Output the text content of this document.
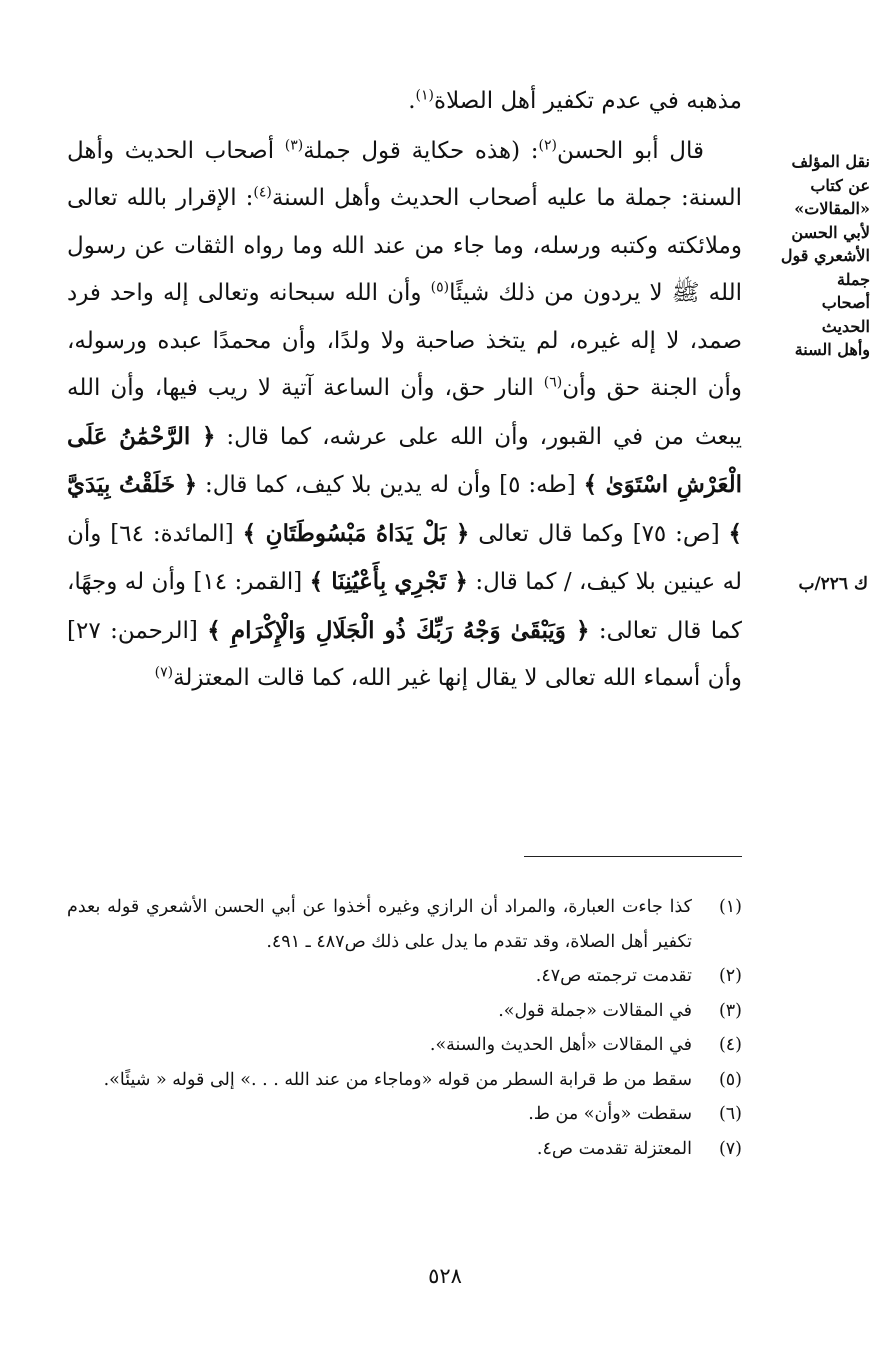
مذهبه في عدم تكفير أهل الصلاة$^{(١)}$.

قال أبو الحسن$^{(٢)}$: (هذه حكاية قول جملة$^{(٣)}$ أصحاب الحديث وأهل السنة: جملة ما عليه أصحاب الحديث وأهل السنة$^{(٤)}$: الإقرار بالله تعالى وملائكته وكتبه ورسله، وما جاء من عند الله وما رواه الثقات عن رسول الله ﷺ لا يردون من ذلك شيئًا$^{(٥)}$ وأن الله سبحانه وتعالى إله واحد فرد صمد، لا إله غيره، لم يتخذ صاحبة ولا ولدًا، وأن محمدًا عبده ورسوله، وأن الجنة حق وأن$^{(٦)}$ النار حق، وأن الساعة آتية لا ريب فيها، وأن الله يبعث من في القبور، وأن الله على عرشه، كما قال: ﴿ الرَّحْمَٰنُ عَلَى الْعَرْشِ اسْتَوَىٰ ﴾ [طه: ٥] وأن له يدين بلا كيف، كما قال: ﴿ خَلَقْتُ بِيَدَيَّ ﴾ [ص: ٧٥] وكما قال تعالى ﴿ بَلْ يَدَاهُ مَبْسُوطَتَانِ ﴾ [المائدة: ٦٤] وأن له عينين بلا كيف، / كما قال: ﴿ تَجْرِي بِأَعْيُنِنَا ﴾ [القمر: ١٤] وأن له وجهًا، كما قال تعالى: ﴿ وَيَبْقَىٰ وَجْهُ رَبِّكَ ذُو الْجَلَالِ وَالْإِكْرَامِ ﴾ [الرحمن: ٢٧] وأن أسماء الله تعالى لا يقال إنها غير الله، كما قالت المعتزلة$^{(٧)}$

نقل المؤلف
عن كتاب
«المقالات»
لأبي الحسن
الأشعري قول
جملة
أصحاب
الحديث
وأهل السنة
ك ٢٢٦/ب
(١)
كذا جاءت العبارة، والمراد أن الرازي وغيره أخذوا عن أبي الحسن الأشعري قوله بعدم تكفير أهل الصلاة، وقد تقدم ما يدل على ذلك ص٤٨٧ ـ ٤٩١.
(٢)
تقدمت ترجمته ص٤٧.
(٣)
في المقالات «جملة قول».
(٤)
في المقالات «أهل الحديث والسنة».
(٥)
سقط من ط قرابة السطر من قوله «وماجاء من عند الله . . .» إلى قوله « شيئًا».
(٦)
سقطت «وأن» من ط.
(٧)
المعتزلة تقدمت ص٤.
٥٢٨
